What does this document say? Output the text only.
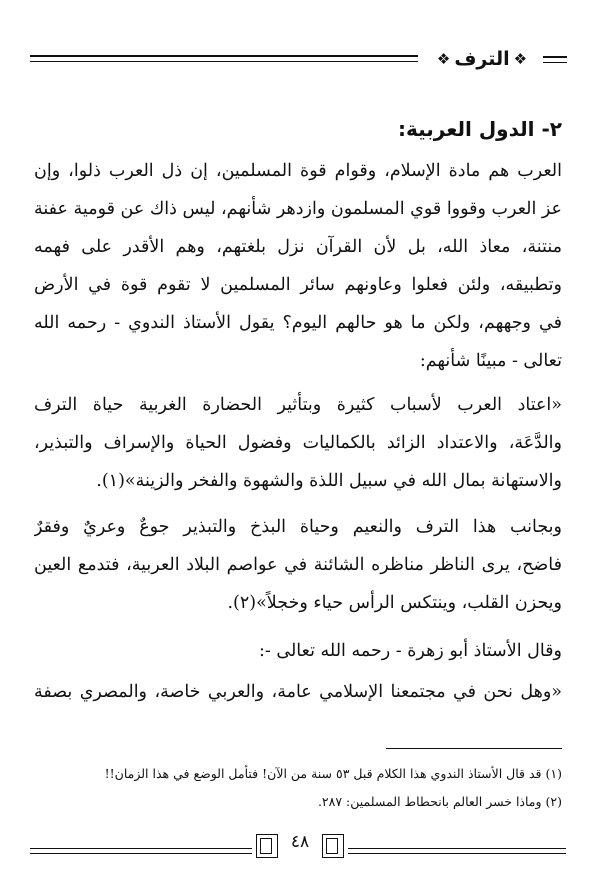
❖
الترف
❖
٢- الدول العربية:
العرب هم مادة الإسلام، وقوام قوة المسلمين، إن ذل العرب ذلوا، وإن
عز العرب وقووا قوي المسلمون وازدهر شأنهم، ليس ذاك عن قومية عفنة
منتنة، معاذ الله، بل لأن القرآن نزل بلغتهم، وهم الأقدر على فهمه
وتطبيقه، ولئن فعلوا وعاونهم سائر المسلمين لا تقوم قوة في الأرض
في وجههم، ولكن ما هو حالهم اليوم؟ يقول الأستاذ الندوي - رحمه الله
تعالى - مبينًا شأنهم:
«اعتاد العرب لأسباب كثيرة وبتأثير الحضارة الغربية حياة الترف
والدَّعَة، والاعتداد الزائد بالكماليات وفضول الحياة والإسراف والتبذير،
والاستهانة بمال الله في سبيل اللذة والشهوة والفخر والزينة»(١).
وبجانب هذا الترف والنعيم وحياة البذخ والتبذير جوعٌ وعريٌ وفقرٌ
فاضح، يرى الناظر مناظره الشائنة في عواصم البلاد العربية، فتدمع العين
ويحزن القلب، وينتكس الرأس حياء وخجلاً»(٢).
وقال الأستاذ أبو زهرة - رحمه الله تعالى -:
«وهل نحن في مجتمعنا الإسلامي عامة، والعربي خاصة، والمصري بصفة
(١) قد قال الأستاذ الندوي هذا الكلام قبل ٥٣ سنة من الآن! فتأمل الوضع في هذا الزمان!!
(٢) وماذا خسر العالم بانحطاط المسلمين: ٢٨٧.
٤٨
